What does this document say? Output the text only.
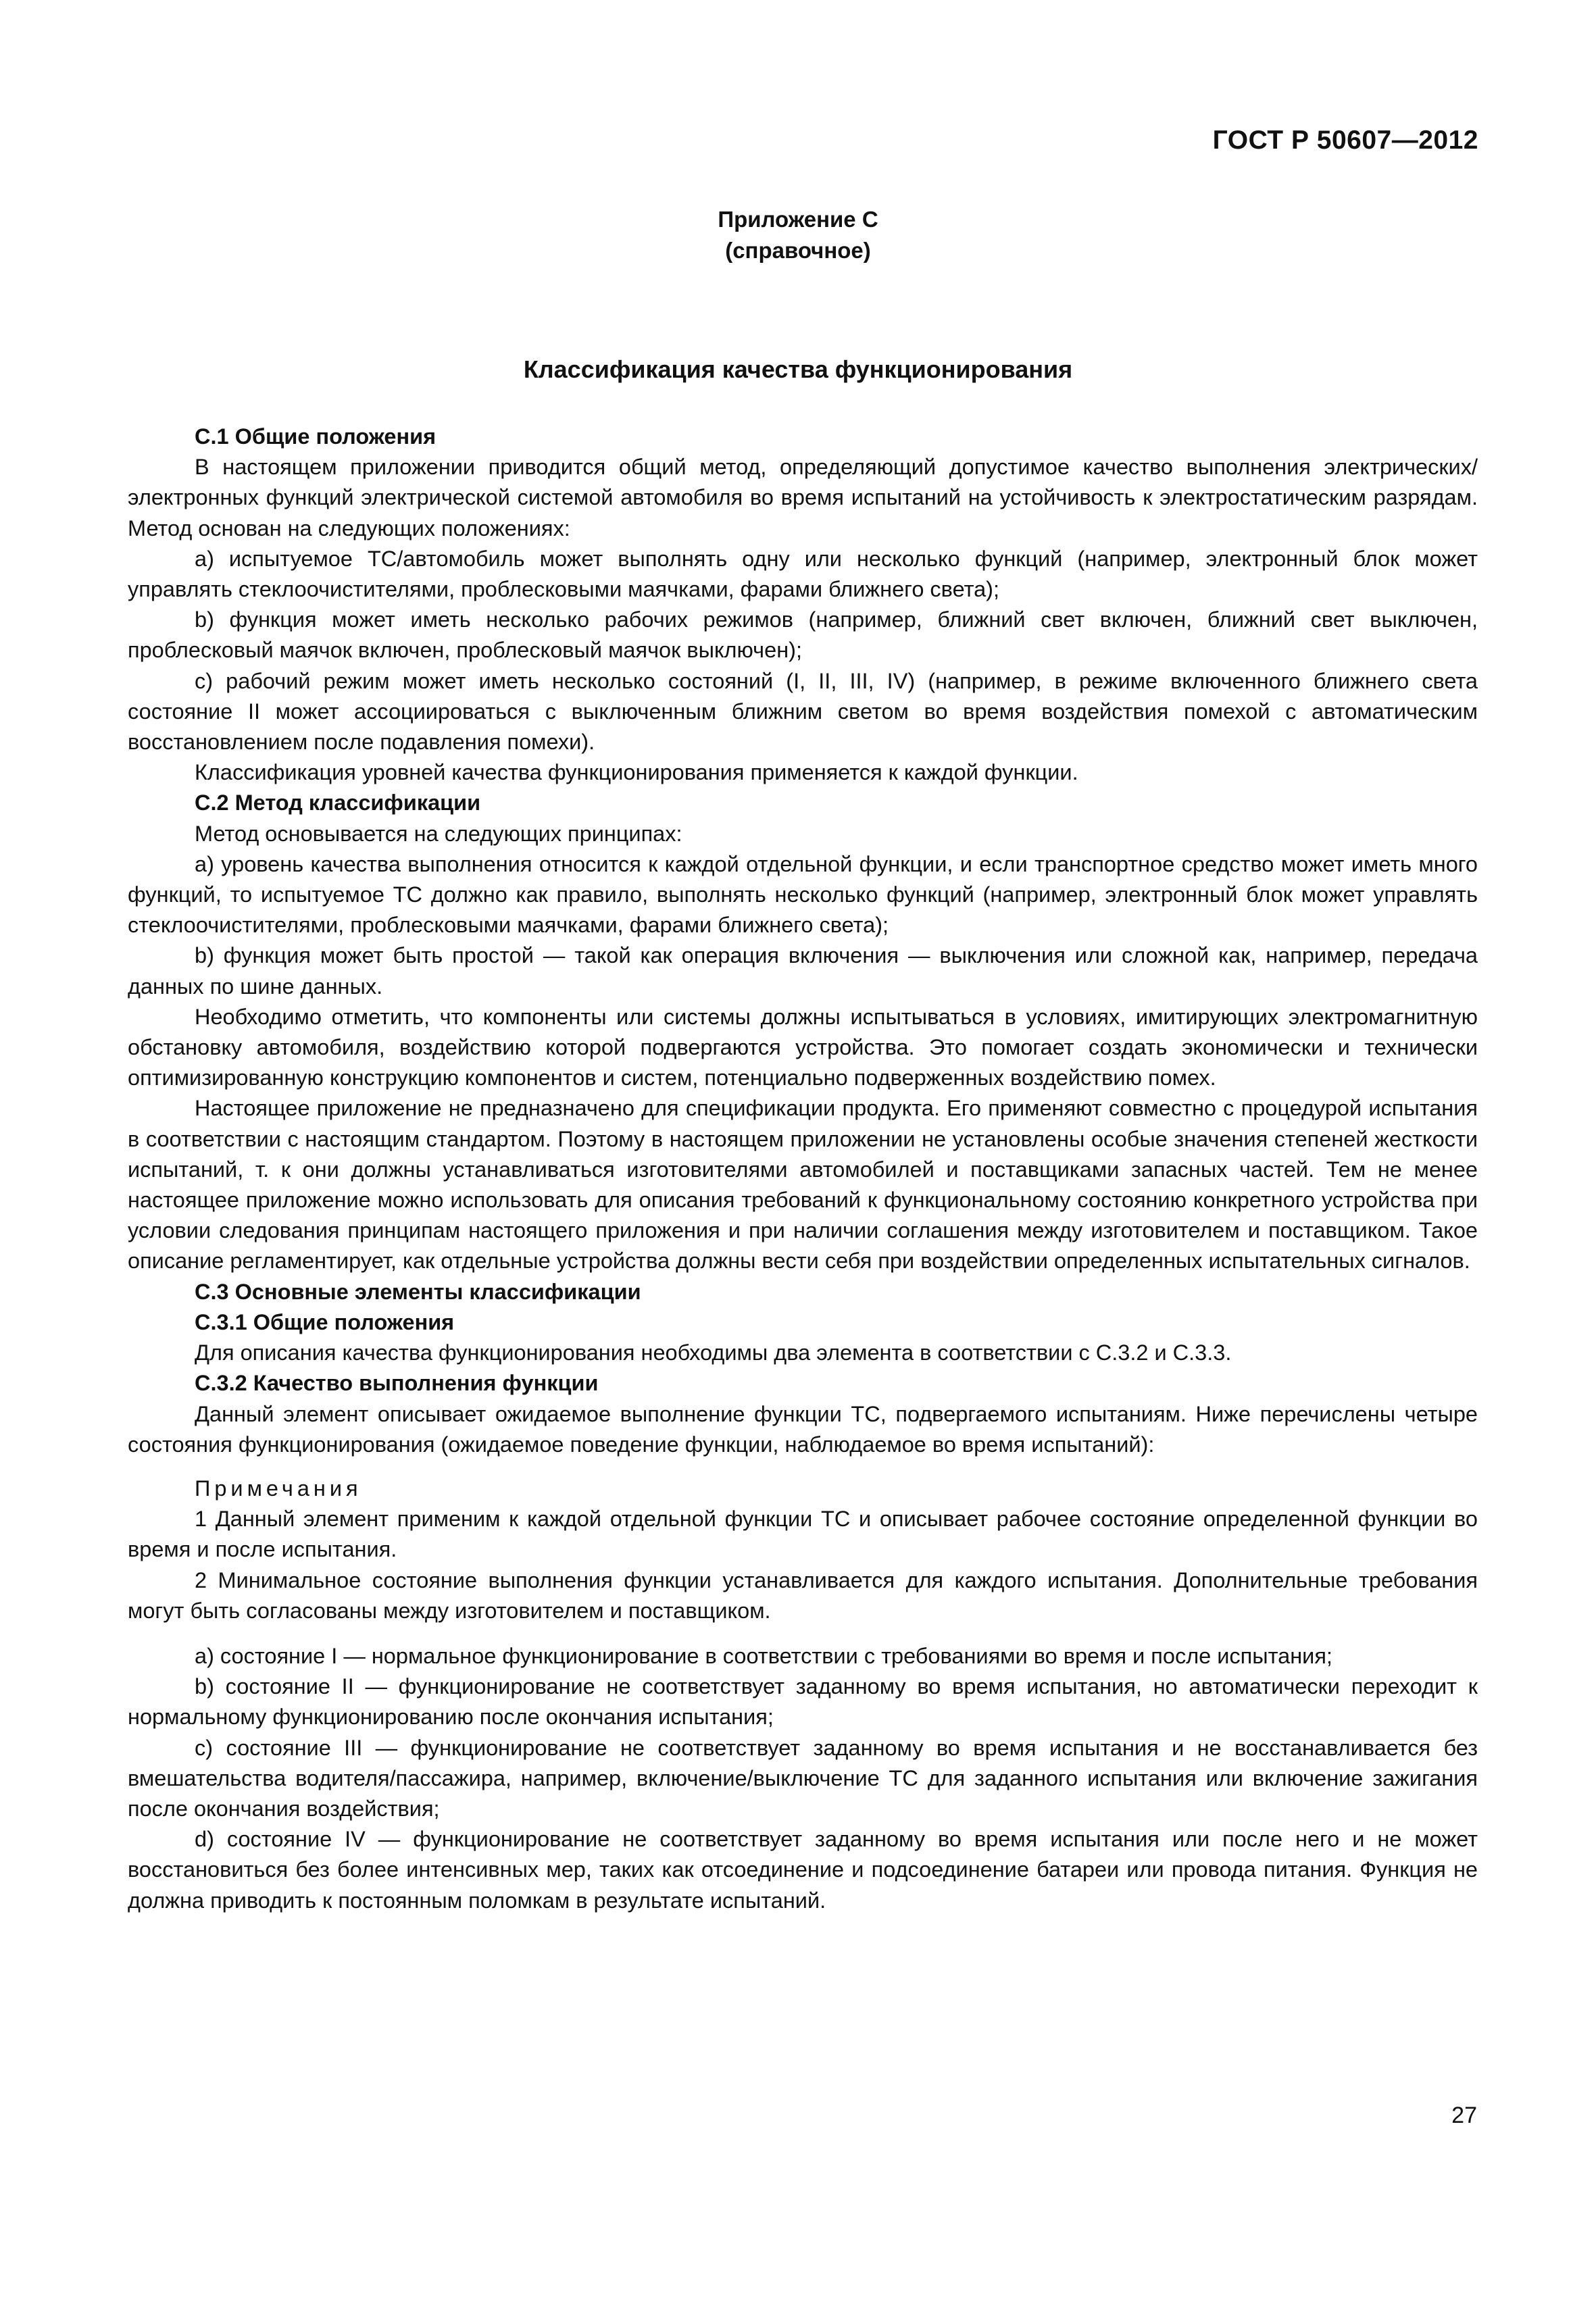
ГОСТ Р 50607—2012
Приложение С
(справочное)
Классификация качества функционирования

С.1 Общие положения

В настоящем приложении приводится общий метод, определяющий допустимое качество выполнения электрических/электронных функций электрической системой автомобиля во время испытаний на устойчивость к электростатическим разрядам. Метод основан на следующих положениях:

a) испытуемое ТС/автомобиль может выполнять одну или несколько функций (например, электронный блок может управлять стеклоочистителями, проблесковыми маячками, фарами ближнего света);

b) функция может иметь несколько рабочих режимов (например, ближний свет включен, ближний свет выключен, проблесковый маячок включен, проблесковый маячок выключен);

c) рабочий режим может иметь несколько состояний (I, II, III, IV) (например, в режиме включенного ближнего света состояние II может ассоциироваться с выключенным ближним светом во время воздействия помехой с автоматическим восстановлением после подавления помехи).

Классификация уровней качества функционирования применяется к каждой функции.

С.2 Метод классификации

Метод основывается на следующих принципах:

a) уровень качества выполнения относится к каждой отдельной функции, и если транспортное средство может иметь много функций, то испытуемое ТС должно как правило, выполнять несколько функций (например, электронный блок может управлять стеклоочистителями, проблесковыми маячками, фарами ближнего света);

b) функция может быть простой — такой как операция включения — выключения или сложной как, например, передача данных по шине данных.

Необходимо отметить, что компоненты или системы должны испытываться в условиях, имитирующих электромагнитную обстановку автомобиля, воздействию которой подвергаются устройства. Это помогает создать экономически и технически оптимизированную конструкцию компонентов и систем, потенциально подверженных воздействию помех.

Настоящее приложение не предназначено для спецификации продукта. Его применяют совместно с процедурой испытания в соответствии с настоящим стандартом. Поэтому в настоящем приложении не установлены особые значения степеней жесткости испытаний, т. к они должны устанавливаться изготовителями автомобилей и поставщиками запасных частей. Тем не менее настоящее приложение можно использовать для описания требований к функциональному состоянию конкретного устройства при условии следования принципам настоящего приложения и при наличии соглашения между изготовителем и поставщиком. Такое описание регламентирует, как отдельные устройства должны вести себя при воздействии определенных испытательных сигналов.

С.3 Основные элементы классификации

С.3.1 Общие положения

Для описания качества функционирования необходимы два элемента в соответствии с С.3.2 и С.3.3.

С.3.2 Качество выполнения функции

Данный элемент описывает ожидаемое выполнение функции ТС, подвергаемого испытаниям. Ниже перечислены четыре состояния функционирования (ожидаемое поведение функции, наблюдаемое во время испытаний):

Примечания

1 Данный элемент применим к каждой отдельной функции ТС и описывает рабочее состояние определенной функции во время и после испытания.

2 Минимальное состояние выполнения функции устанавливается для каждого испытания. Дополнительные требования могут быть согласованы между изготовителем и поставщиком.

a) состояние I — нормальное функционирование в соответствии с требованиями во время и после испытания;

b) состояние II — функционирование не соответствует заданному во время испытания, но автоматически переходит к нормальному функционированию после окончания испытания;

c) состояние III — функционирование не соответствует заданному во время испытания и не восстанавливается без вмешательства водителя/пассажира, например, включение/выключение ТС для заданного испытания или включение зажигания после окончания воздействия;

d) состояние IV — функционирование не соответствует заданному во время испытания или после него и не может восстановиться без более интенсивных мер, таких как отсоединение и подсоединение батареи или провода питания. Функция не должна приводить к постоянным поломкам в результате испытаний.

27
